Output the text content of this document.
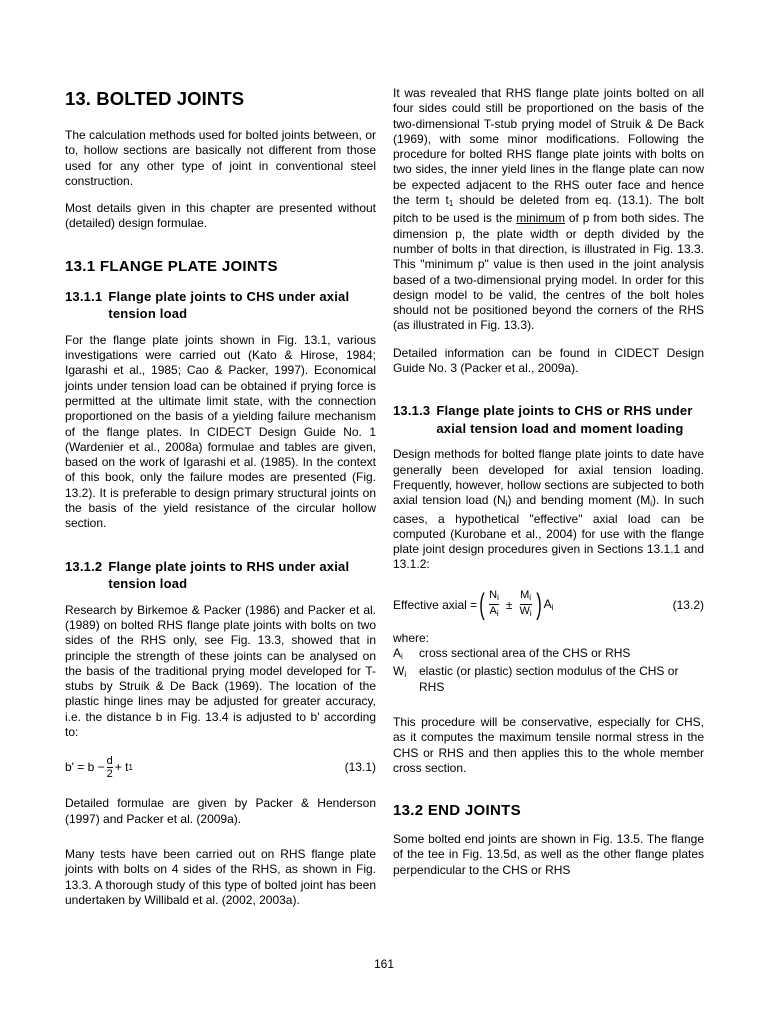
13. BOLTED JOINTS

The calculation methods used for bolted joints between, or to, hollow sections are basically not different from those used for any other type of joint in conventional steel construction.

Most details given in this chapter are presented without (detailed) design formulae.

13.1 FLANGE PLATE JOINTS
13.1.1 Flange plate joints to CHS under axial tension load

For the flange plate joints shown in Fig. 13.1, various investigations were carried out (Kato & Hirose, 1984; Igarashi et al., 1985; Cao & Packer, 1997). Economical joints under tension load can be obtained if prying force is permitted at the ultimate limit state, with the connection proportioned on the basis of a yielding failure mechanism of the flange plates. In CIDECT Design Guide No. 1 (Wardenier et al., 2008a) formulae and tables are given, based on the work of Igarashi et al. (1985). In the context of this book, only the failure modes are presented (Fig. 13.2). It is preferable to design primary structural joints on the basis of the yield resistance of the circular hollow section.

13.1.2 Flange plate joints to RHS under axial tension load

Research by Birkemoe & Packer (1986) and Packer et al. (1989) on bolted RHS flange plate joints with bolts on two sides of the RHS only, see Fig. 13.3, showed that in principle the strength of these joints can be analysed on the basis of the traditional prying model developed for T-stubs by Struik & De Back (1969). The location of the plastic hinge lines may be adjusted for greater accuracy, i.e. the distance b in Fig. 13.4 is adjusted to b' according to:

$b' = b - \frac{d}{2} + t$ 1	(13.1)

Detailed formulae are given by Packer & Henderson (1997) and Packer et al. (2009a).

Many tests have been carried out on RHS flange plate joints with bolts on 4 sides of the RHS, as shown in Fig. 13.3. A thorough study of this type of bolted joint has been undertaken by Willibald et al. (2002, 2003a).

It was revealed that RHS flange plate joints bolted on all four sides could still be proportioned on the basis of the two-dimensional T-stub prying model of Struik & De Back (1969), with some minor modifications. Following the procedure for bolted RHS flange plate joints with bolts on two sides, the inner yield lines in the flange plate can now be expected adjacent to the RHS outer face and hence the term $t_1$ should be deleted from eq. (13.1). The bolt pitch to be used is the minimum of p from both sides. The dimension p, the plate width or depth divided by the number of bolts in that direction, is illustrated in Fig. 13.3. This "minimum p" value is then used in the joint analysis based of a two-dimensional prying model. In order for this design model to be valid, the centres of the bolt holes should not be positioned beyond the corners of the RHS (as illustrated in Fig. 13.3).

Detailed information can be found in CIDECT Design Guide No. 3 (Packer et al., 2009a).

13.1.3 Flange plate joints to CHS or RHS under axial tension load and moment loading

Design methods for bolted flange plate joints to date have generally been developed for axial tension loading. Frequently, however, hollow sections are subjected to both axial tension load $(N_i)$ and bending moment $(M_i)$. In such cases, a hypothetical "effective" axial load can be computed (Kurobane et al., 2004) for use with the flange plate joint design procedures given in Sections 13.1.1 and 13.1.2:

Effective axial = ( $\frac{N_i}{A_i} \pm \frac{M_i}{W_i}$ ) $A_i$	(13.2)
where:
$A_i$	cross sectional area of the CHS or RHS
$W_i$	elastic (or plastic) section modulus of the CHS or RHS

This procedure will be conservative, especially for CHS, as it computes the maximum tensile normal stress in the CHS or RHS and then applies this to the whole member cross section.

13.2 END JOINTS

Some bolted end joints are shown in Fig. 13.5. The flange of the tee in Fig. 13.5d, as well as the other flange plates perpendicular to the CHS or RHS

161
